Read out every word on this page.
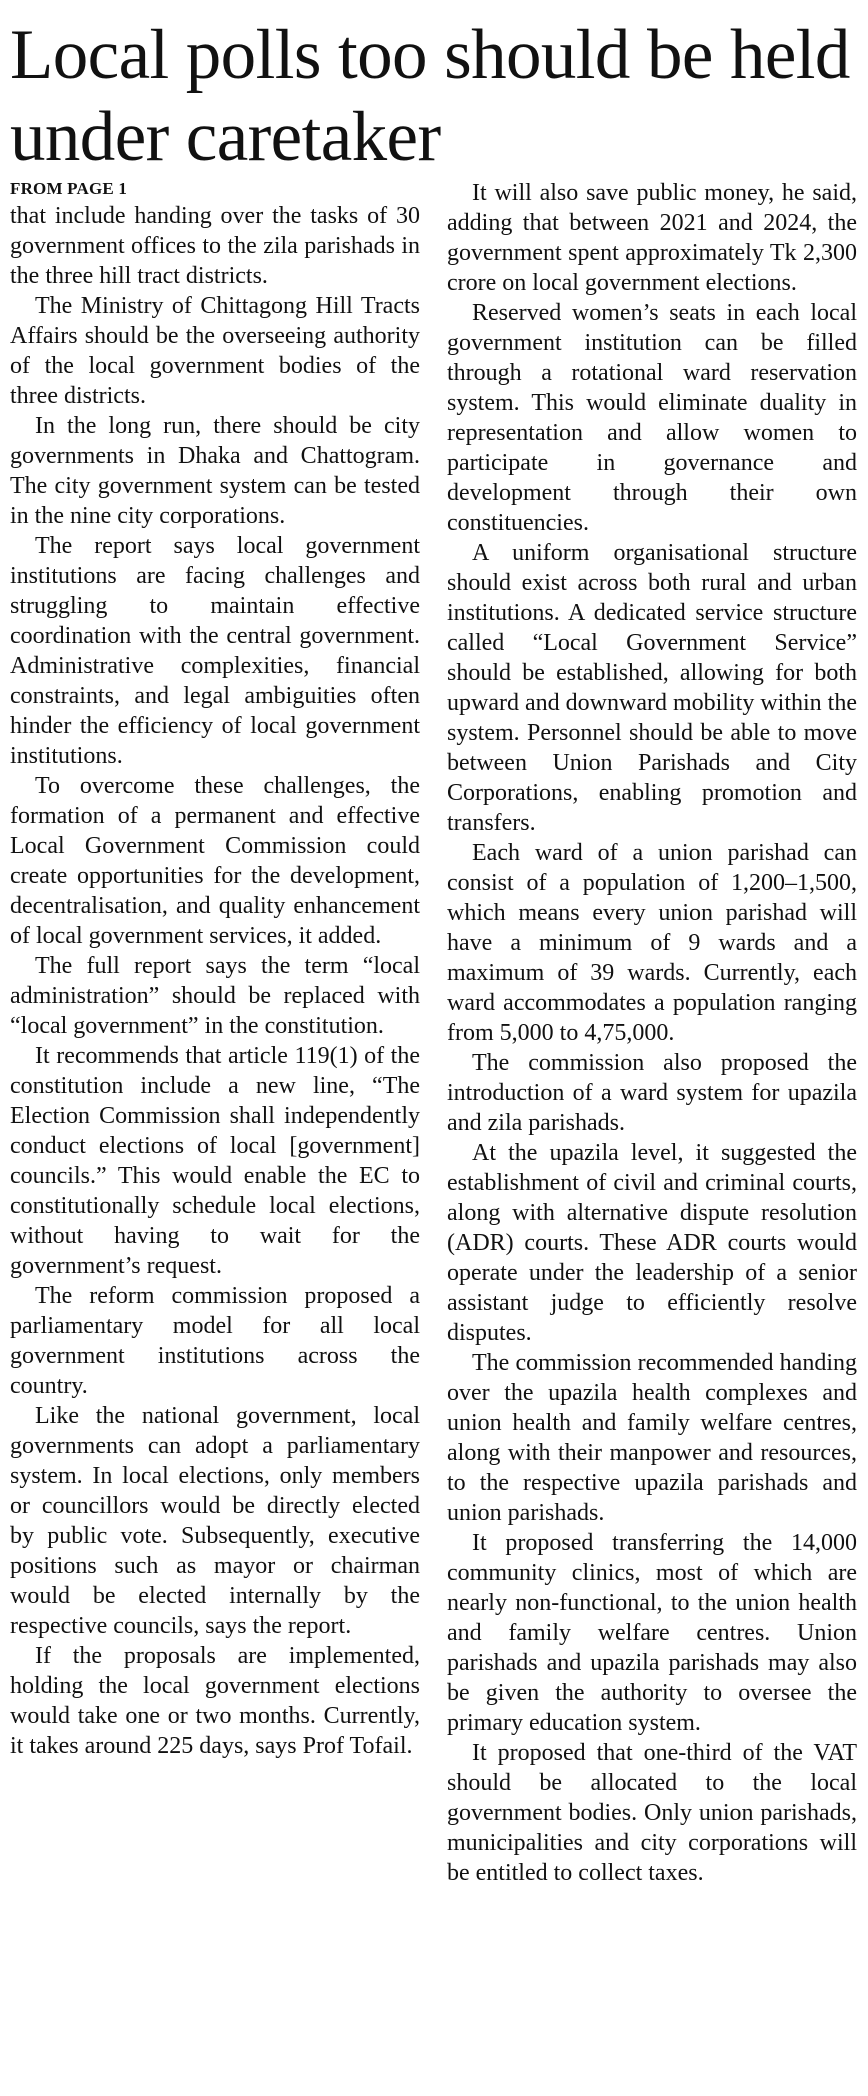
Local polls too should be held under caretaker
FROM PAGE 1

that include handing over the tasks of 30 government offices to the zila parishads in the three hill tract districts.

The Ministry of Chittagong Hill Tracts Affairs should be the overseeing authority of the local government bodies of the three districts.

In the long run, there should be city governments in Dhaka and Chattogram. The city government system can be tested in the nine city corporations.

The report says local government institutions are facing challenges and struggling to maintain effective coordination with the central government. Administrative complexities, financial constraints, and legal ambiguities often hinder the efficiency of local government institutions.

To overcome these challenges, the formation of a permanent and effective Local Government Commission could create opportunities for the development, decentralisation, and quality enhancement of local government services, it added.

The full report says the term “local administration” should be replaced with “local government” in the constitution.

It recommends that article 119(1) of the constitution include a new line, “The Election Commission shall independently conduct elections of local [government] councils.” This would enable the EC to constitutionally schedule local elections, without having to wait for the government’s request.

The reform commission proposed a parliamentary model for all local government institutions across the country.

Like the national government, local governments can adopt a parliamentary system. In local elections, only members or councillors would be directly elected by public vote. Subsequently, executive positions such as mayor or chairman would be elected internally by the respective councils, says the report.

If the proposals are implemented, holding the local government elections would take one or two months. Currently, it takes around 225 days, says Prof Tofail.

It will also save public money, he said, adding that between 2021 and 2024, the government spent approximately Tk 2,300 crore on local government elections.

Reserved women’s seats in each local government institution can be filled through a rotational ward reservation system. This would eliminate duality in representation and allow women to participate in governance and development through their own constituencies.

A uniform organisational structure should exist across both rural and urban institutions. A dedicated service structure called “Local Government Service” should be established, allowing for both upward and downward mobility within the system. Personnel should be able to move between Union Parishads and City Corporations, enabling promotion and transfers.

Each ward of a union parishad can consist of a population of 1,200–1,500, which means every union parishad will have a minimum of 9 wards and a maximum of 39 wards. Currently, each ward accommodates a population ranging from 5,000 to 4,75,000.

The commission also proposed the introduction of a ward system for upazila and zila parishads.

At the upazila level, it suggested the establishment of civil and criminal courts, along with alternative dispute resolution (ADR) courts. These ADR courts would operate under the leadership of a senior assistant judge to efficiently resolve disputes.

The commission recommended handing over the upazila health complexes and union health and family welfare centres, along with their manpower and resources, to the respective upazila parishads and union parishads.

It proposed transferring the 14,000 community clinics, most of which are nearly non-functional, to the union health and family welfare centres. Union parishads and upazila parishads may also be given the authority to oversee the primary education system.

It proposed that one-third of the VAT should be allocated to the local government bodies. Only union parishads, municipalities and city corporations will be entitled to collect taxes.
